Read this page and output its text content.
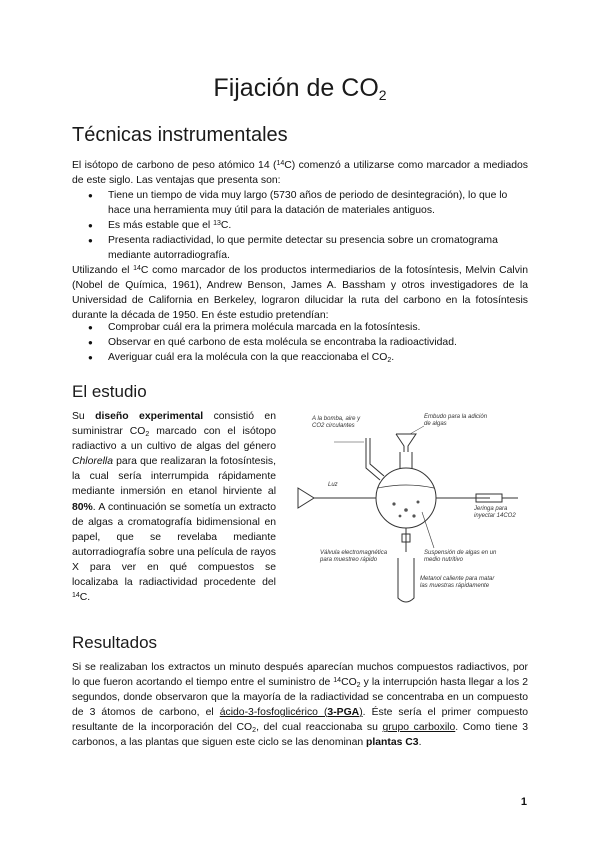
Fijación de $CO_2$
Técnicas instrumentales

El isótopo de carbono de peso atómico 14 ($^{14}$C) comenzó a utilizarse como marcador a mediados de este siglo. Las ventajas que presenta son:

● Tiene un tiempo de vida muy largo (5730 años de periodo de desintegración), lo que lo hace una herramienta muy útil para la datación de materiales antiguos.
● Es más estable que el $^{13}$C.
● Presenta radiactividad, lo que permite detectar su presencia sobre un cromatograma mediante autorradiografía.

Utilizando el $^{14}$C como marcador de los productos intermediarios de la fotosíntesis, Melvin Calvin (Nobel de Química, 1961), Andrew Benson, James A. Bassham y otros investigadores de la Universidad de California en Berkeley, lograron dilucidar la ruta del carbono en la fotosíntesis durante la década de 1950. En éste estudio pretendían:

● Comprobar cuál era la primera molécula marcada en la fotosíntesis.
● Observar en qué carbono de esta molécula se encontraba la radioactividad.
● Averiguar cuál era la molécula con la que reaccionaba el $CO_2$.
El estudio

Su diseño experimental consistió en suministrar $CO_2$ marcado con el isótopo radiactivo a un cultivo de algas del género Chlorella para que realizaran la fotosíntesis, la cual sería interrumpida rápidamente mediante inmersión en etanol hirviente al 80%. A continuación se sometía un extracto de algas a cromatografía bidimensional en papel, que se revelaba mediante autorradiografía sobre una película de rayos X para ver en qué compuestos se localizaba la radiactividad procedente del $^{14}$C.

A la bomba, aire y CO2 circulantes
Embudo para la adición de algas
Luz
Jeringa para inyectar 14CO2
Válvula electromagnética para muestreo rápido
Suspensión de algas en un medio nutritivo
Metanol caliente para matar las muestras rápidamente
Resultados

Si se realizaban los extractos un minuto después aparecían muchos compuestos radiactivos, por lo que fueron acortando el tiempo entre el suministro de $^{14}CO_2$ y la interrupción hasta llegar a los 2 segundos, donde observaron que la mayoría de la radiactividad se concentraba en un compuesto de 3 átomos de carbono, el ácido-3-fosfoglicérico (3-PGA). Éste sería el primer compuesto resultante de la incorporación del $CO_2$, del cual reaccionaba su grupo carboxilo. Como tiene 3 carbonos, a las plantas que siguen este ciclo se las denominan plantas C3.

1
